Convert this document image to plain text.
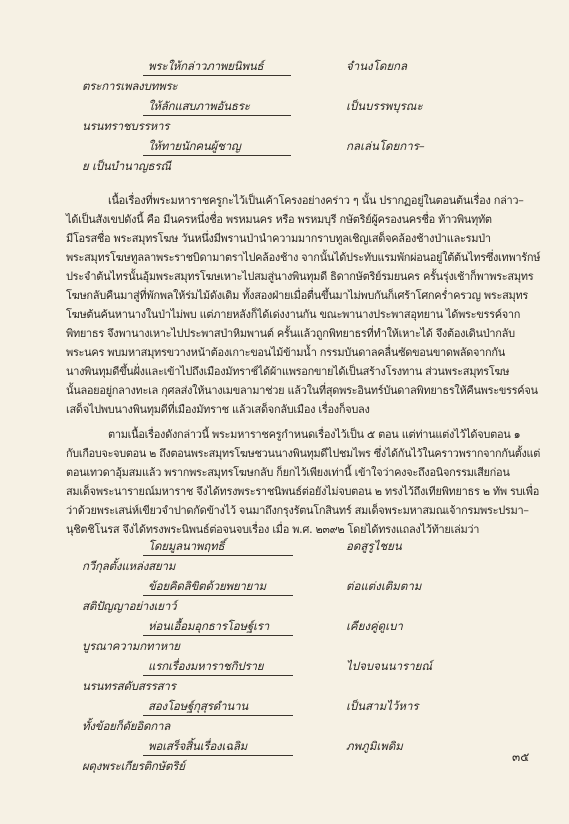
พระให้กล่าวภาพยนิพนธ์	จำนงโดยกล
ตระการเพลงบทพระ
ให้ลักแสบภาพอันธระ	เป็นบรรพบุรณะ
นรนทราชบรรหาร
ให้ทายนักคนผู้ชาญ	กลเล่นโดยการ–
ย เป็นบำนาญธรณี
เนื้อเรื่องที่พระมหาราชครูกะไว้เป็นเค้าโครงอย่างคร่าว ๆ นั้น ปรากฏอยู่ในตอนต้นเรื่อง กล่าว–
ได้เป็นสังเขปดังนี้ คือ มีนครหนึ่งชื่อ พรหมนคร หรือ พรหมบุรี กษัตริย์ผู้ครองนครชื่อ ท้าวพินทุทัต
มีโอรสชื่อ พระสมุทรโฆษ วันหนึ่งมีพรานป่านำความมากราบทูลเชิญเสด็จคล้องช้างป่าและรมป่า
พระสมุทรโฆษทูลลาพระราชบิดามาตราไปคล้องช้าง จากนั้นได้ประทับแรมพักผ่อนอยู่ใต้ต้นไทรซึ่งเทพารักษ์
ประจำต้นไทรนั้นอุ้มพระสมุทรโฆษเหาะไปสมสู่นางพินทุมดี ธิดากษัตริย์รมยนคร ครั้นรุ่งเช้าก็พาพระสมุทร
โฆษกลับคืนมาสู่ที่พักพลให้ร่มไม้ดังเดิม ทั้งสองฝ่ายเมื่อตื่นขึ้นมาไม่พบกันก็เศร้าโศกคร่ำครวญ พระสมุทร
โฆษต้นค้นหานางในป่าไม่พบ แต่ภายหลังก็ได้เด่งงานกัน ขณะพานางประพาสอุทยาน ได้พระขรรค์จาก
พิทยาธร จึงพานางเหาะไปประพาสป่าหิมพานต์ ครั้นแล้วถูกพิทยาธรที่ทำให้เหาะได้ จึงต้องเดินป่ากลับ
พระนคร พบมหาสมุทรขวางหน้าต้องเกาะขอนไม้ข้ามน้ำ กรรมบันดาลคลื่นซัดขอนขาดพลัดจากกัน
นางพินทุมดีขึ้นฝั่งและเข้าไปถึงเมืองมัทราช์ได้ผ้าแพรอกขายได้เป็นสร้างโรงทาน ส่วนพระสมุทรโฆษ
นั้นลอยอยู่กลางทะเล กุศลส่งให้นางเมขลามาช่วย แล้วในที่สุดพระอินทร์บันดาลพิทยาธรให้คืนพระขรรค์จน
เสด็จไปพบนางพินทุมดีที่เมืองมัทราช แล้วเสด็จกลับเมือง เรื่องก็จบลง
ตามเนื้อเรื่องดังกล่าวนี้ พระมหาราชครูกำหนดเรื่องไว้เป็น ๕ ตอน แต่ท่านแต่งไว้ได้จบตอน ๑
กับเกือบจะจบตอน ๒ ถึงตอนพระสมุทรโฆษชวนนางพินทุมดีไปชมไพร ซึ่งได้กันไว้ในคราวพรากจากกันตั้งแต่
ตอนเทวดาอุ้มสมแล้ว พรากพระสมุทรโฆษกลับ ก็ยกไว้เพียงเท่านี้ เข้าใจว่าคงจะถึงอนิจกรรมเสียก่อน
สมเด็จพระนารายณ์มหาราช จึงได้ทรงพระราชนิพนธ์ต่อยังไม่จบตอน ๒ ทรงไว้ถึงเทียพิทยาธร ๒ ทัพ รบเพื่อ
ว่าด้วยพระเสน่ห์เขียวจำปาดกัดข้างไว้ จนมาถึงกรุงรัตนโกสินทร์ สมเด็จพระมหาสมณเจ้ากรมพระปรมา–
นุชิตชิโนรส จึงได้ทรงพระนิพนธ์ต่อจนจบเรื่อง เมื่อ พ.ศ. ๒๓๙๒ โดยได้ทรงแถลงไว้ท้ายเล่มว่า
โดยมูลนาพฤทธิ์	อดสูรูไชยน
กวีกุลตั้งแหล่งสยาม
ข้อยคิดลิขิตด้วยพยายาม	ต่อแต่งเติมตาม
สติปัญญาอย่างเยาว์
ห่อนเอื้อมอุกธารโอษฐ์เรา	เคียงคู่ดูเบา
บูรณาความกทาหาย
แรกเรื่องมหาราชกิปราย	ไปจบจนนารายณ์
นรนทรสดับสรรสาร
สองโอษฐ์กุสุรดำนาน	เป็นสามไว้หาร
ทั้งข้อยก็ดัยอิดกาล
พอเสร็จสิ้นเรื่องเฉลิม	ภพภูมิเพดิม
ผดุงพระเกียรติกษัตริย์
๓๕
